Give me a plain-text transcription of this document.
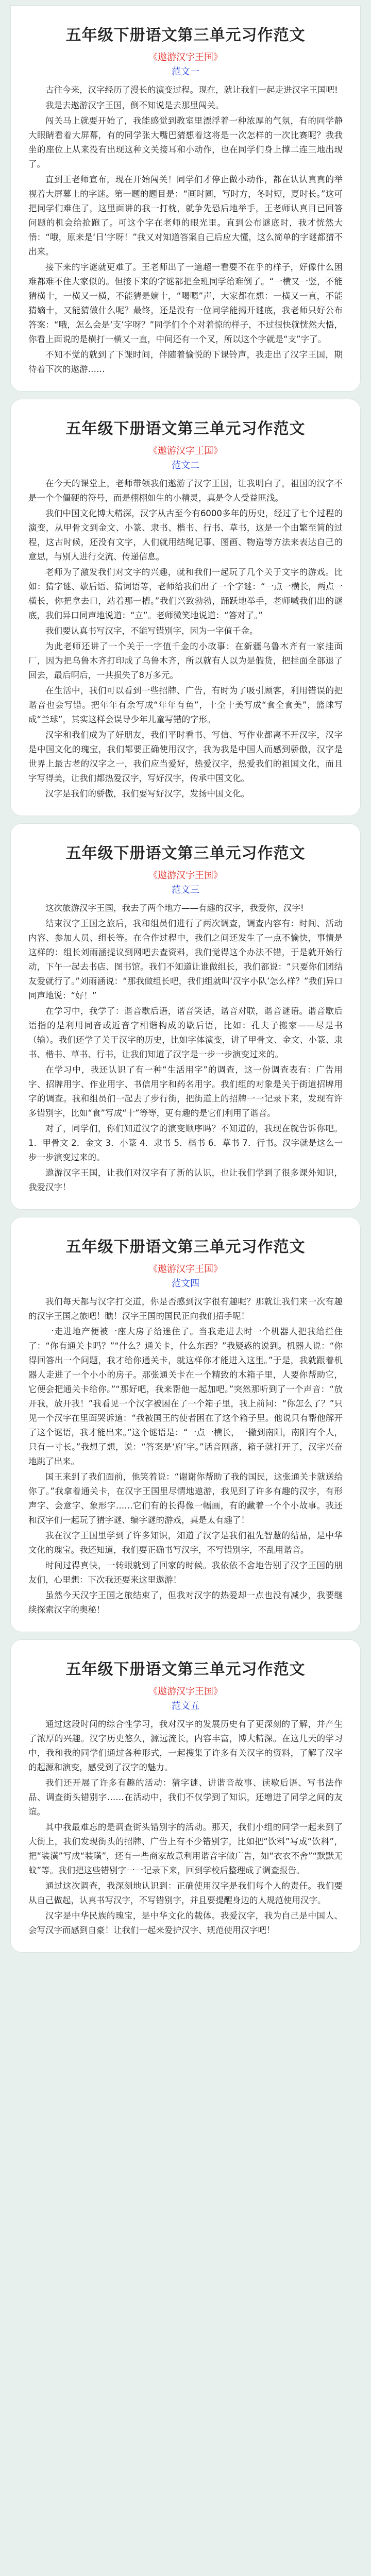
五年级下册语文第三单元习作范文
《遨游汉字王国》
范文一

古往今来，汉字经历了漫长的演变过程。现在，就让我们一起走进汉字王国吧!

我是去遨游汉字王国，倒不知说是去那里闯关。

闯关马上就要开始了，我能感觉到教室里漂浮着一种浓厚的气氛，有的同学静大眼睛看着大屏幕，有的同学张大嘴巴猜想着这将是一次怎样的一次比赛呢？我我坐的座位上从来没有出现这种文关接耳和小动作，也在同学们身上撑二连三地出现了。

直到王老师宣布，现在开始闯关！同学们才停止做小动作，都在认认真真的举视着大屏幕上的字迷。第一题的题目是：“画时圆，写时方，冬时短，夏时长。”这可把同学们难住了，这里面讲的我一打枕，就争先恐后地举手，王老师认真目已回答问题的机会给抢跑了。可这个字在老师的眼光里。直到公布谜底时，我才恍然大悟：“哦，原来是‘日’字呀！”我又对知道答案自己后应大懂，这么简单的字谜都猜不出来。

接下来的字谜就更难了。王老师出了一道超一看要不在乎的样子，好像什么困难都难不住大家似的。但接下来的字谜都把全班同学给难倒了。“一横又一竖，不能猜横十，一横又一横，不能猜是嫡十，“喝嗯”声，大家都在想：一横又一直，不能猜嫡十，又能猜做什么呢？最终，还是没有一位同学能揭开谜底，我老师只好公布答案：“哦，怎么会是‘支’字呀？”同学们个个对着惊的样子，不过很快就恍然大悟，你看上面说的是横打一横又一直，中间还有一个叉，所以这个字就是“支”字了。

不知不觉的就到了下课时间，伴随着愉悦的下课铃声，我走出了汉字王国，期待着下次的遨游……

五年级下册语文第三单元习作范文
《遨游汉字王国》
范文二

在今天的课堂上，老师带领我们遨游了汉字王国，让我明白了，祖国的汉字不是一个个僵硬的符号，而是栩栩如生的小精灵，真是令人受益匪浅。

我们中国文化博大精深，汉字从古至今有6000多年的历史，经过了七个过程的演变，从甲骨文到金文、小篆、隶书、楷书、行书、草书，这是一个由繁至简的过程，这古时候，还没有文字，人们就用结绳记事、图画、物造等方法来表达自己的意思，与别人进行交流、传递信息。

老师为了激发我们对文字的兴趣，就和我们一起玩了几个关于文字的游戏。比如：猜字谜、歇后语、猜词语等，老师给我们出了一个字谜：“一点一横长，两点一横长，你把拿去口，站着那一槽。”我们兴致勃勃，踊跃地举手，老师喊我们出的谜底，我们异口同声地说道：“立”。老师微笑地说道：“答对了。”

我们要认真书写汉字，不能写错别字，因为一字值千金。

为此老师还讲了一个关于一字值千金的小故事：在新疆乌鲁木齐有一家挂面厂，因为把乌鲁木齐打印成了乌鲁木齐，所以就有人以为是假货，把挂面全部退了回去，最后啊后，一共损失了8万多元。

在生活中，我们可以看到一些招牌、广告，有时为了吸引顾客，利用错误的把谐音也会写错。把年年有余写成“年年有鱼”，十全十美写成“食全食美”，篮球写成“兰球”，其实这样会误导少年儿童写错的字形。

汉字和我们成为了好朋友，我们平时看书、写信、写作业都离不开汉字，汉字是中国文化的瑰宝，我们都要正确使用汉字，我为我是中国人而感到骄傲，汉字是世界上最古老的汉字之一，我们应当爱好，热爱汉字，热爱我们的祖国文化，而且字写得美，让我们都热爱汉字，写好汉字，传承中国文化。

汉字是我们的骄傲，我们要写好汉字，发扬中国文化。

五年级下册语文第三单元习作范文
《遨游汉字王国》
范文三

这次旅游汉字王国，我去了两个地方——有趣的汉字，我爱你，汉字!

结束汉字王国之旅后，我和组员们进行了两次调查，调查内容有：时间、活动内容、参加人员、组长等。在合作过程中，我们之间还发生了一点不愉快，事情是这样的：组长刘雨涵提议到网吧去查资料，我们觉得这个办法不错，于是就开始行动，下午一起去书店、图书馆。我们不知道让谁做组长，我们都说：“只要你们团结友爱就行了。”刘雨涵说：“那我做组长吧，我们组就叫‘汉字小队’怎么样？”我们异口同声地说：“好！”

在学习中，我学了：谐音歇后语，谐音笑话，谐音对联，谐音谜语。谐音歇后语指的是利用同音或近音字相谐构成的歇后语，比如：孔夫子搬家——尽是书（输）。我们还学了关于汉字的历史，比如字体演变，讲了甲骨文、金文、小篆、隶书、楷书、草书、行书，让我们知道了汉字是一步一步演变过来的。

在学习中，我还认识了有一种“生活用字”的调查，这一份调查表有：广告用字、招牌用字、作业用字、书信用字和药名用字。我们组的对象是关于街道招牌用字的调查。我和组员们一起去了步行街，把街道上的招牌一一记录下来，发现有许多错别字，比如“食”写成“十”等等，更有趣的是它们利用了谐音。

对了，同学们，你们知道汉字的演变顺序吗？不知道的，我现在就告诉你吧。1．甲骨文 2．金文 3．小篆 4．隶书 5．楷书 6．草书 7．行书。汉字就是这么一步一步演变过来的。

遨游汉字王国，让我们对汉字有了新的认识，也让我们学到了很多课外知识，我爱汉字！

五年级下册语文第三单元习作范文
《遨游汉字王国》
范文四

我们每天都与汉字打交道，你是否感到汉字很有趣呢？那就让我们来一次有趣的汉字王国之旅吧！瞧！汉字王国的国民正向我们招手呢！

一走进地产便被一座大房子给迷住了。当我走进去时一个机器人把我给拦住了：“你有通关卡吗？”“什么？通关卡，什么东西？”我疑惑的说到。机器人说：“你得回答出一个问题，我才给你通关卡，就这样你才能进入这里。”于是，我就跟着机器人走进了一个小小的房子。那张通关卡在一个精致的木箱子里，人要你帮助它，它便会把通关卡给你。”“那好吧，我来帮他一起加吧。”突然那听到了一个声音：“放开我，放开我！”我看见一个汉字被困在了一个箱子里，我上前问：“你怎么了？”只见一个汉字在里面哭诉道：“我被国王的使者困在了这个箱子里。他说只有帮他解开了这个谜语，我才能出来。”这个谜语是：“一点一横长，一撇到南阳，南阳有个人，只有一寸长。”我想了想，说：“答案是‘府’字。”话音刚落，箱子就打开了，汉字兴奋地跳了出来。

国王来到了我们面前，他笑着说：“谢谢你帮助了我的国民，这张通关卡就送给你了。”我拿着通关卡，在汉字王国里尽情地遨游，我见到了许多有趣的汉字，有形声字、会意字、象形字……它们有的长得像一幅画，有的藏着一个个小故事。我还和汉字们一起玩了猜字谜、编字谜的游戏，真是太有趣了！

我在汉字王国里学到了许多知识，知道了汉字是我们祖先智慧的结晶，是中华文化的瑰宝。我还知道，我们要正确书写汉字，不写错别字，不乱用谐音。

时间过得真快，一转眼就到了回家的时候。我依依不舍地告别了汉字王国的朋友们，心里想：下次我还要来这里遨游！

虽然今天汉字王国之旅结束了，但我对汉字的热爱却一点也没有减少，我要继续探索汉字的奥秘！

五年级下册语文第三单元习作范文
《遨游汉字王国》
范文五

通过这段时间的综合性学习，我对汉字的发展历史有了更深刻的了解，并产生了浓厚的兴趣。汉字历史悠久，源远流长，内容丰富，博大精深。在这几天的学习中，我和我的同学们通过各种形式，一起搜集了许多有关汉字的资料，了解了汉字的起源和演变，感受到了汉字的魅力。

我们还开展了许多有趣的活动：猜字谜、讲谐音故事、读歇后语、写书法作品、调查街头错别字……在活动中，我们不仅学到了知识，还增进了同学之间的友谊。

其中我最难忘的是调查街头错别字的活动。那天，我们小组的同学一起来到了大街上，我们发现街头的招牌、广告上有不少错别字，比如把“饮料”写成“饮科”，把“装潢”写成“装璜”，还有一些商家故意利用谐音字做广告，如“衣衣不舍”“默默无蚊”等。我们把这些错别字一一记录下来，回到学校后整理成了调查报告。

通过这次调查，我深刻地认识到：正确使用汉字是我们每个人的责任。我们要从自己做起，认真书写汉字，不写错别字，并且要提醒身边的人规范使用汉字。

汉字是中华民族的瑰宝，是中华文化的载体。我爱汉字，我为自己是中国人、会写汉字而感到自豪！让我们一起来爱护汉字、规范使用汉字吧！
